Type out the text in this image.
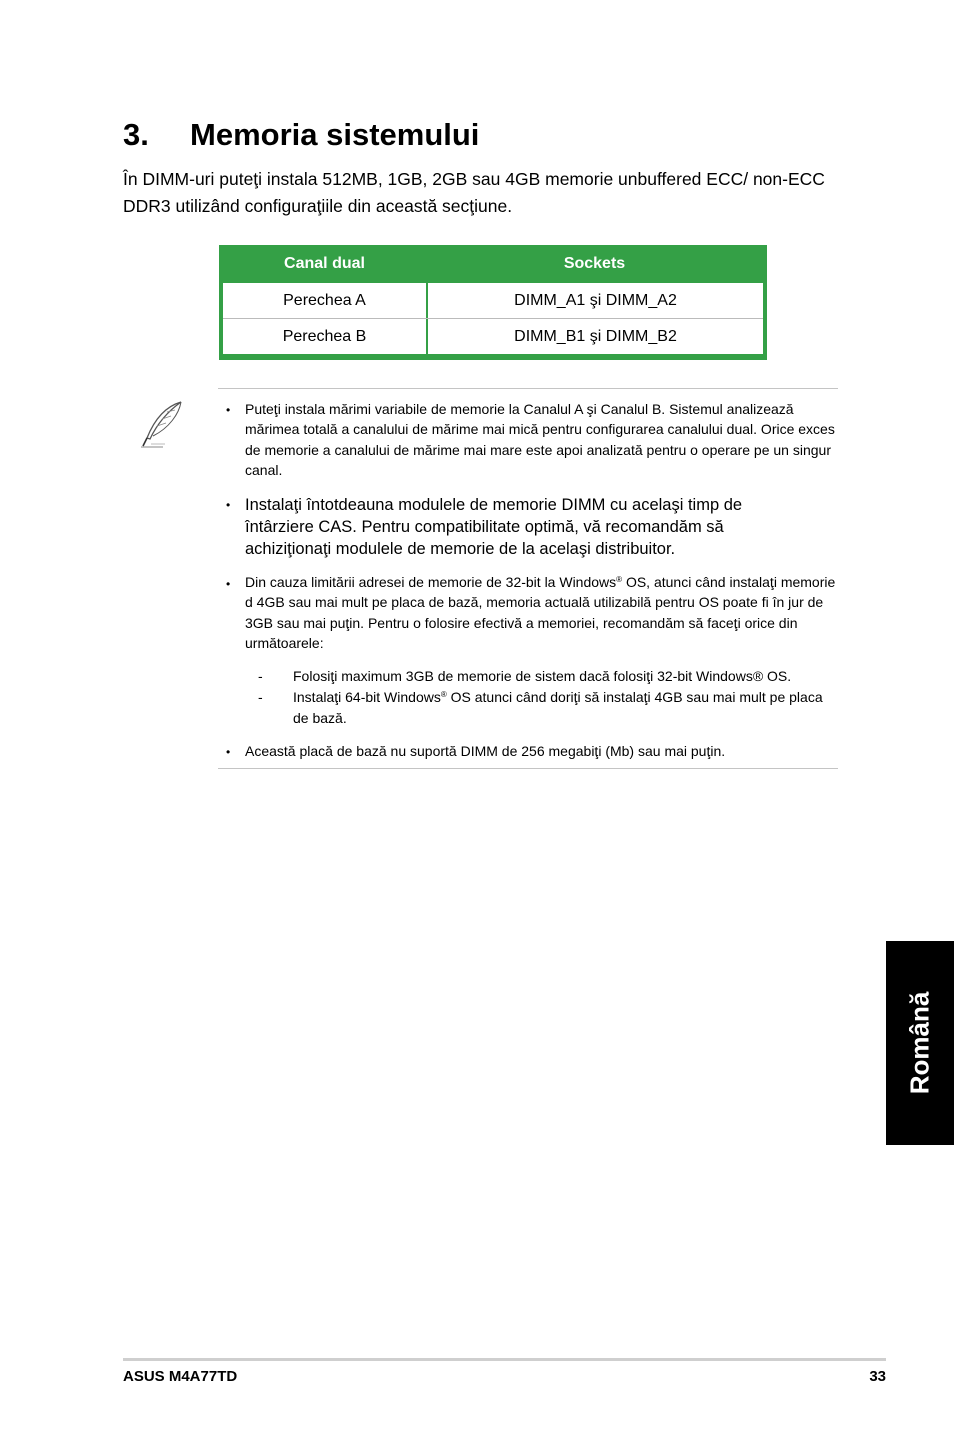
3. Memoria sistemului

În DIMM-uri puteţi instala 512MB, 1GB, 2GB sau 4GB memorie unbuffered ECC/ non-ECC DDR3 utilizând configuraţiile din această secţiune.

Canal dual	Sockets
Perechea A	DIMM_A1 şi DIMM_A2
Perechea B	DIMM_B1 şi DIMM_B2
• Puteţi instala mărimi variabile de memorie la Canalul A şi Canalul B. Sistemul analizează mărimea totală a canalului de mărime mai mică pentru configurarea canalului dual. Orice exces de memorie a canalului de mărime mai mare este apoi analizată pentru o operare pe un singur canal.

• Instalaţi întotdeauna modulele de memorie DIMM cu acelaşi timp de întârziere CAS. Pentru compatibilitate optimă, vă recomandăm să achiziţionaţi modulele de memorie de la acelaşi distribuitor.

• Din cauza limitării adresei de memorie de 32-bit la Windows® OS, atunci când instalaţi memorie d 4GB sau mai mult pe placa de bază, memoria actuală utilizabilă pentru OS poate fi în jur de 3GB sau mai puţin. Pentru o folosire efectivă a memoriei, recomandăm să faceţi orice din următoarele:

- Folosiţi maximum 3GB de memorie de sistem dacă folosiţi 32-bit Windows® OS.

- Instalaţi 64-bit Windows® OS atunci când doriţi să instalaţi 4GB sau mai mult pe placa de bază.

• Această placă de bază nu suportă DIMM de 256 megabiţi (Mb) sau mai puţin.

Română
ASUS M4A77TD	33
